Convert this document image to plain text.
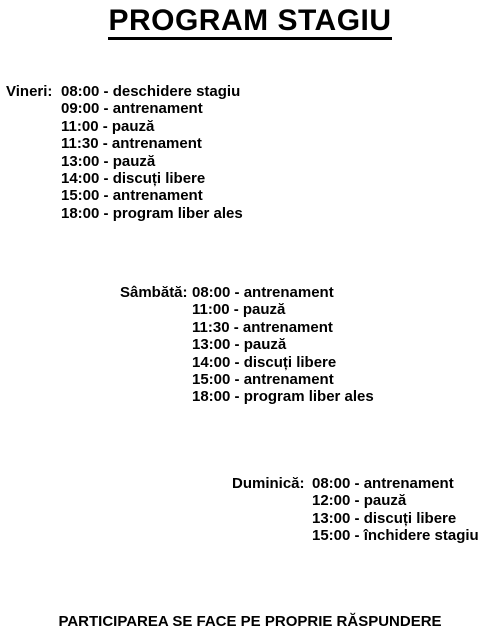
PROGRAM STAGIU
Vineri: 08:00 - deschidere stagiu
09:00 - antrenament
11:00 - pauză
11:30 - antrenament
13:00 - pauză
14:00 - discuți libere
15:00 - antrenament
18:00 - program liber ales
Sâmbătă: 08:00 - antrenament
11:00 - pauză
11:30 - antrenament
13:00 - pauză
14:00 - discuți libere
15:00 - antrenament
18:00 - program liber ales
Duminică: 08:00 - antrenament
12:00 - pauză
13:00 - discuți libere
15:00 - închidere stagiu
PARTICIPAREA SE FACE PE PROPRIE RĂSPUNDERE
